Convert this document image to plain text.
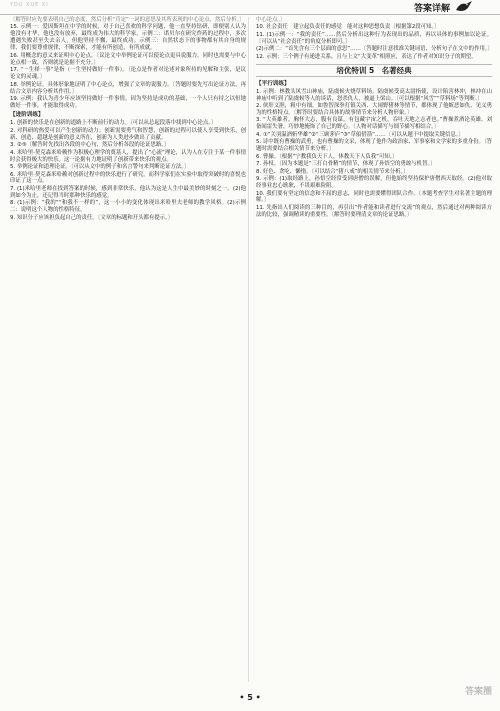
YOU XUE XI	答案详解

〔解答时应先要表明自己的态度，然后分析“肯定”一词的意思及其所表现的中心论点，然后分析。〕

15. 示例一：爱因斯坦在中学的时候，对于自己喜欢的科学问题，他一直坚持钻研，即便别人认为他没有才华，他也没有放弃，最终成为伟大的科学家。示例二：诺贝尔在研究炸药的过程中，多次遭遇失败甚至失去亲人，但他坚持不懈，最终成功。示例三：自然状态下的事物都有其自身的规律，我们要尊重规律，不断探索，才能有所创造，有所成就。

16. 用概念的意义来证明中心论点。〔议论文中举例论证可以使论点更具说服力，同时也需要与中心论点相一致，否则就是论据不充分。〕

17. “一生择一事”是指（一生坚持做好一件事）。〔论点是作者对论述对象所持的见解和主张，是议论文的灵魂。〕

18. 举例论证，具体形象地证明了中心论点，增强了文章的说服力。〔答题时要先写出论证方法，再结合文章内容分析其作用。〕

19. 示例：我认为青少年应该坚持做好一件事情。因为坚持是成功的基础，一个人只有持之以恒地做好一件事，才能取得成功。

【进阶训练】

1. 创新的快乐是在创新的道路上不断前行的动力。〔可以从总起段落中找到中心论点。〕

2. 对科研的热爱可以产生创新的动力；创新需要勇气和智慧，创新的过程可以使人享受到快乐，创新、创造、超越是创新的意义所在，创新为人类进步做出了贡献。

3. ②⑤〔解答时先找出各段的中心句，然后分析各段的论证思路。〕

4. 米哈里·契克森米哈赖作为积极心理学的奠基人，提出了“心流”理论，认为人在专注于某一件事情时会获得极大的快乐。这一论据有力地证明了创新带来快乐的观点。

5. 举例论证和道理论证。〔可以从文中的例子和名言警句来判断论证方法。〕

6. 米哈里·契克森米哈赖对创新过程中的快乐进行了研究，而科学家们在实验中取得突破时的喜悦也印证了这一点。

7. (1)米哈里老师在找到答案的时候，感到非常快乐，他认为这是人生中最美妙的时刻之一。(2)他到如今为止，还记得当时那种快乐的感觉。

8. (1)示例：“我的”“和我不一样的”，这一小小的变化体现出米哈里夫老师的教学风格。(2)示例二：说明这个人物的性格特征。

9. 知识分子应该担负起自己的责任。〔文章的标题和开头都有提示。〕

中心论点。〕

10. 社会责任　建立起负责任的感觉　能对这种思想负责〔根据第2段可知。〕

11. (1)示例一：“我的责任”……然后分析出这种行为表现出的品质，再以具体的事例加以论证。〔可以从“社会责任”的角度分析即可。〕

(2)示例二：“首先含有三个层面的意思”……〔答题时注意找准关键词语，分析句子在文中的作用。〕

12. 示例：三个例子有递进关系，且与上文“大变革”相照应，表达了作者对知识分子的期望。

培优特训 5　名著经典
【平行训练】

1. 示例：林教头风雪山神庙，陆虞候火烧草料场。陆虞候受高太尉指使，设计陷害林冲，林冲在山神庙中听到了陆虞候等人的谈话，怒杀仇人，被逼上梁山。〔可以根据“风雪”“草料场”等判断。〕

2. 侠肝义胆，粗中有细。如鲁智深拳打镇关西、大闹野猪林等情节，都体现了他嫉恶如仇、见义勇为的性格特点。〔解答时要结合具体的故事情节来分析人物形象。〕

3. “大英雄者，胸怀大志，腹有良谋，有包藏宇宙之机，吞吐天地之志者也。”曹操煮酒论英雄，刘备闻雷失箸，巧妙地掩饰了自己的野心。〔人物对话描写与细节描写相结合。〕

4. ①“关羽温酒斩华雄”②“三顾茅庐”③“草船借箭”……〔可以从题干中提取关键信息。〕

5. 诗中既有曹操的武勇，也有曹操的文采，体现了他作为政治家、军事家和文学家的多重身份。〔答题时需要结合相关情节来分析。〕

6. 曹操。〔根据“宁教我负天下人，休教天下人负我”可知。〕

7. 孙权。〔因为本题是“三打白骨精”的情节，体现了孙悟空的勇敢与机智。〕

8. 好色、贪吃、懒惰。〔可以结合“猪八戒”的相关情节来分析。〕

9. 示例：(1)取经路上，孙悟空经常受到唐僧的误解，但他始终坚持保护唐僧西天取经。(2)他对取经事业忠心耿耿，不畏艰难险阻。

10. 我们要有坚定的信念和不屈的意志，同时也需要懂得团队合作。〔本题考查学生对名著主题的理解。〕

11. 先指出人们阅读的三种目的，再引出“作者能和读者进行交流”的观点，然后通过对两种阅读方法的比较，强调精读的重要性。〔解答时要理清文章的论证思路。〕

• 5 •
答案圈
